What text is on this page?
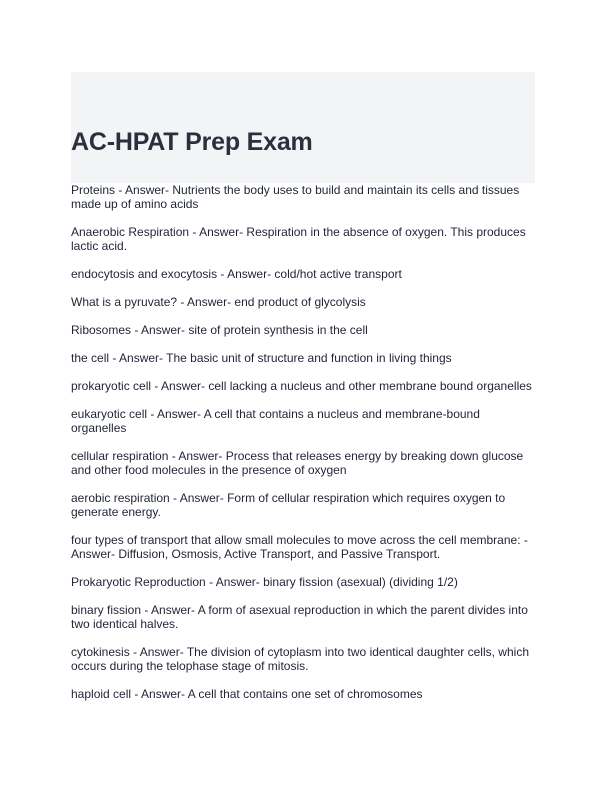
AC-HPAT Prep Exam
Proteins - Answer- Nutrients the body uses to build and maintain its cells and tissues made up of amino acids
Anaerobic Respiration - Answer- Respiration in the absence of oxygen. This produces lactic acid.
endocytosis and exocytosis - Answer- cold/hot active transport
What is a pyruvate? - Answer- end product of glycolysis
Ribosomes - Answer- site of protein synthesis in the cell
the cell - Answer- The basic unit of structure and function in living things
prokaryotic cell - Answer- cell lacking a nucleus and other membrane bound organelles
eukaryotic cell - Answer- A cell that contains a nucleus and membrane-bound organelles
cellular respiration - Answer- Process that releases energy by breaking down glucose and other food molecules in the presence of oxygen
aerobic respiration - Answer- Form of cellular respiration which requires oxygen to generate energy.
four types of transport that allow small molecules to move across the cell membrane: - Answer- Diffusion, Osmosis, Active Transport, and Passive Transport.
Prokaryotic Reproduction - Answer- binary fission (asexual) (dividing 1/2)
binary fission - Answer- A form of asexual reproduction in which the parent divides into two identical halves.
cytokinesis - Answer- The division of cytoplasm into two identical daughter cells, which occurs during the telophase stage of mitosis.
haploid cell - Answer- A cell that contains one set of chromosomes
